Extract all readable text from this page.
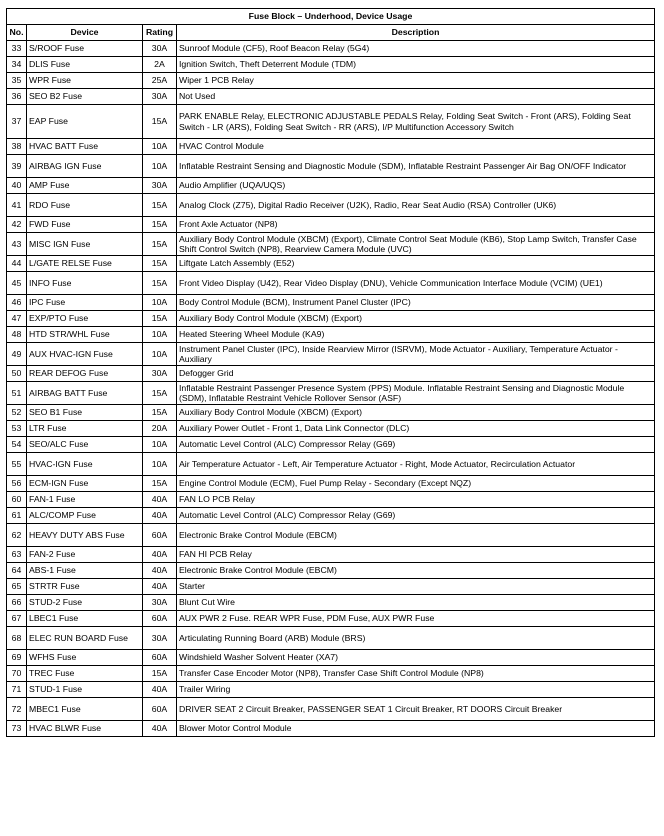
Fuse Block – Underhood, Device Usage			
No.	Device	Rating	Description
33	S/ROOF Fuse	30A	Sunroof Module (CF5), Roof Beacon Relay (5G4)
34	DLIS Fuse	2A	Ignition Switch, Theft Deterrent Module (TDM)
35	WPR Fuse	25A	Wiper 1 PCB Relay
36	SEO B2 Fuse	30A	Not Used
37	EAP Fuse	15A	PARK ENABLE Relay, ELECTRONIC ADJUSTABLE PEDALS Relay, Folding Seat Switch - Front (ARS), Folding Seat Switch - LR (ARS), Folding Seat Switch - RR (ARS), I/P Multifunction Accessory Switch
38	HVAC BATT Fuse	10A	HVAC Control Module
39	AIRBAG IGN Fuse	10A	Inflatable Restraint Sensing and Diagnostic Module (SDM), Inflatable Restraint Passenger Air Bag ON/OFF Indicator
40	AMP Fuse	30A	Audio Amplifier (UQA/UQS)
41	RDO Fuse	15A	Analog Clock (Z75), Digital Radio Receiver (U2K), Radio, Rear Seat Audio (RSA) Controller (UK6)
42	FWD Fuse	15A	Front Axle Actuator (NP8)
43	MISC IGN Fuse	15A	Auxiliary Body Control Module (XBCM) (Export), Climate Control Seat Module (KB6), Stop Lamp Switch, Transfer Case Shift Control Switch (NP8), Rearview Camera Module (UVC)
44	L/GATE RELSE Fuse	15A	Liftgate Latch Assembly (E52)
45	INFO Fuse	15A	Front Video Display (U42), Rear Video Display (DNU), Vehicle Communication Interface Module (VCIM) (UE1)
46	IPC Fuse	10A	Body Control Module (BCM), Instrument Panel Cluster (IPC)
47	EXP/PTO Fuse	15A	Auxiliary Body Control Module (XBCM) (Export)
48	HTD STR/WHL Fuse	10A	Heated Steering Wheel Module (KA9)
49	AUX HVAC-IGN Fuse	10A	Instrument Panel Cluster (IPC), Inside Rearview Mirror (ISRVM), Mode Actuator - Auxiliary, Temperature Actuator - Auxiliary
50	REAR DEFOG Fuse	30A	Defogger Grid
51	AIRBAG BATT Fuse	15A	Inflatable Restraint Passenger Presence System (PPS) Module. Inflatable Restraint Sensing and Diagnostic Module (SDM), Inflatable Restraint Vehicle Rollover Sensor (ASF)
52	SEO B1 Fuse	15A	Auxiliary Body Control Module (XBCM) (Export)
53	LTR Fuse	20A	Auxiliary Power Outlet - Front 1, Data Link Connector (DLC)
54	SEO/ALC Fuse	10A	Automatic Level Control (ALC) Compressor Relay (G69)
55	HVAC-IGN Fuse	10A	Air Temperature Actuator - Left, Air Temperature Actuator - Right, Mode Actuator, Recirculation Actuator
56	ECM-IGN Fuse	15A	Engine Control Module (ECM), Fuel Pump Relay - Secondary (Except NQZ)
60	FAN-1 Fuse	40A	FAN LO PCB Relay
61	ALC/COMP Fuse	40A	Automatic Level Control (ALC) Compressor Relay (G69)
62	HEAVY DUTY ABS Fuse	60A	Electronic Brake Control Module (EBCM)
63	FAN-2 Fuse	40A	FAN HI PCB Relay
64	ABS-1 Fuse	40A	Electronic Brake Control Module (EBCM)
65	STRTR Fuse	40A	Starter
66	STUD-2 Fuse	30A	Blunt Cut Wire
67	LBEC1 Fuse	60A	AUX PWR 2 Fuse. REAR WPR Fuse, PDM Fuse, AUX PWR Fuse
68	ELEC RUN BOARD Fuse	30A	Articulating Running Board (ARB) Module (BRS)
69	WFHS Fuse	60A	Windshield Washer Solvent Heater (XA7)
70	TREC Fuse	15A	Transfer Case Encoder Motor (NP8), Transfer Case Shift Control Module (NP8)
71	STUD-1 Fuse	40A	Trailer Wiring
72	MBEC1 Fuse	60A	DRIVER SEAT 2 Circuit Breaker, PASSENGER SEAT 1 Circuit Breaker, RT DOORS Circuit Breaker
73	HVAC BLWR Fuse	40A	Blower Motor Control Module
